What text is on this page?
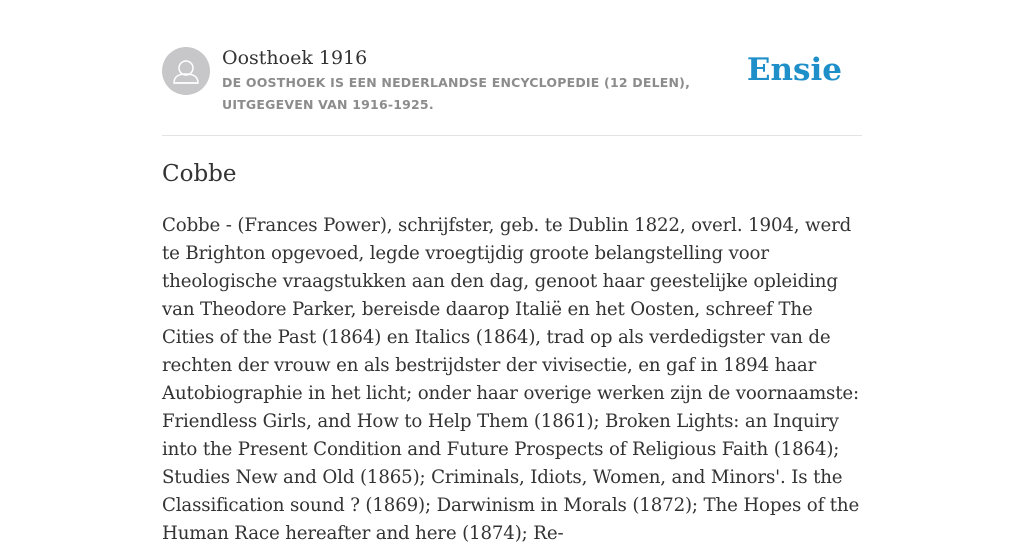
Oosthoek 1916
DE OOSTHOEK IS EEN NEDERLANDSE ENCYCLOPEDIE (12 DELEN), UITGEGEVEN VAN 1916-1925.
Ensie
Cobbe

Cobbe - (Frances Power), schrijfster, geb. te Dublin 1822, overl. 1904, werd te Brighton opgevoed, legde vroegtijdig groote belangstelling voor theologische vraagstukken aan den dag, genoot haar geestelijke opleiding van Theodore Parker, bereisde daarop Italië en het Oosten, schreef The Cities of the Past (1864) en Italics (1864), trad op als verdedigster van de rechten der vrouw en als bestrijdster der vivisectie, en gaf in 1894 haar Autobiographie in het licht; onder haar overige werken zijn de voornaamste: Friendless Girls, and How to Help Them (1861); Broken Lights: an Inquiry into the Present Condition and Future Prospects of Religious Faith (1864); Studies New and Old (1865); Criminals, Idiots, Women, and Minors'. Is the Classification sound ? (1869); Darwinism in Morals (1872); The Hopes of the Human Race hereafter and here (1874); Re-
